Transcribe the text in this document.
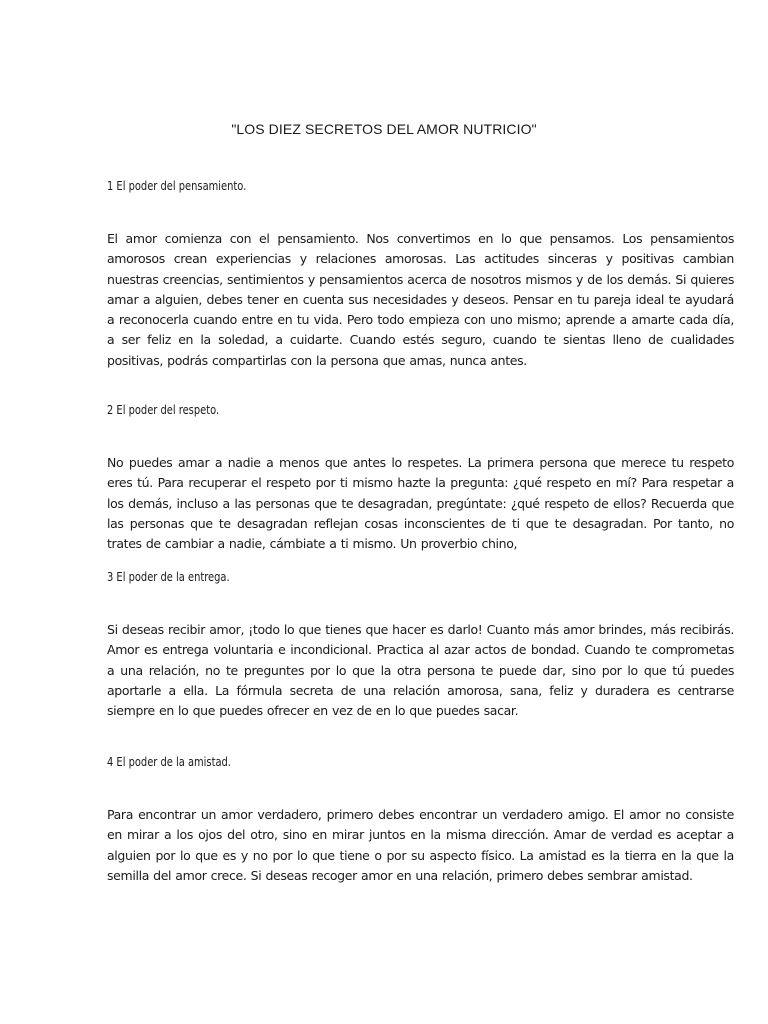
"LOS DIEZ SECRETOS DEL AMOR NUTRICIO"
1 El poder del pensamiento.

El amor comienza con el pensamiento. Nos convertimos en lo que pensamos. Los pensamientos amorosos crean experiencias y relaciones amorosas. Las actitudes sinceras y positivas cambian nuestras creencias, sentimientos y pensamientos acerca de nosotros mismos y de los demás. Si quieres amar a alguien, debes tener en cuenta sus necesidades y deseos. Pensar en tu pareja ideal te ayudará a reconocerla cuando entre en tu vida. Pero todo empieza con uno mismo; aprende a amarte cada día, a ser feliz en la soledad, a cuidarte. Cuando estés seguro, cuando te sientas lleno de cualidades positivas, podrás compartirlas con la persona que amas, nunca antes.

2 El poder del respeto.

No puedes amar a nadie a menos que antes lo respetes. La primera persona que merece tu respeto eres tú. Para recuperar el respeto por ti mismo hazte la pregunta: ¿qué respeto en mí? Para respetar a los demás, incluso a las personas que te desagradan, pregúntate: ¿qué respeto de ellos? Recuerda que las personas que te desagradan reflejan cosas inconscientes de ti que te desagradan. Por tanto, no trates de cambiar a nadie, cámbiate a ti mismo. Un proverbio chino,

3 El poder de la entrega.

Si deseas recibir amor, ¡todo lo que tienes que hacer es darlo! Cuanto más amor brindes, más recibirás. Amor es entrega voluntaria e incondicional. Practica al azar actos de bondad. Cuando te comprometas a una relación, no te preguntes por lo que la otra persona te puede dar, sino por lo que tú puedes aportarle a ella. La fórmula secreta de una relación amorosa, sana, feliz y duradera es centrarse siempre en lo que puedes ofrecer en vez de en lo que puedes sacar.

4 El poder de la amistad.

Para encontrar un amor verdadero, primero debes encontrar un verdadero amigo. El amor no consiste en mirar a los ojos del otro, sino en mirar juntos en la misma dirección. Amar de verdad es aceptar a alguien por lo que es y no por lo que tiene o por su aspecto físico. La amistad es la tierra en la que la semilla del amor crece. Si deseas recoger amor en una relación, primero debes sembrar amistad.
